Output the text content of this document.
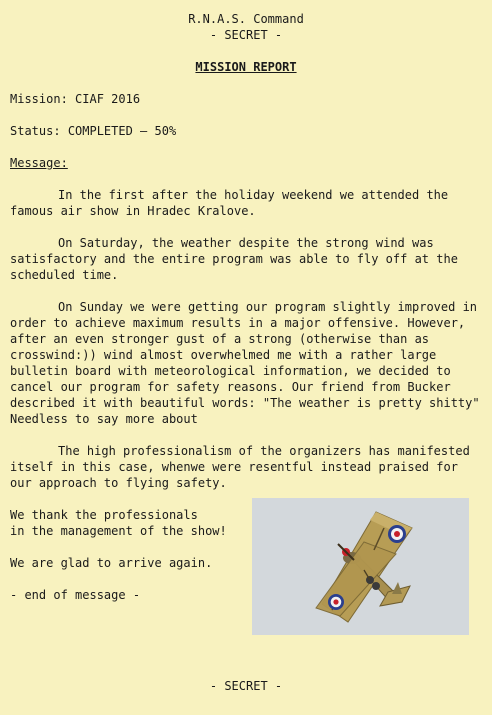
R.N.A.S. Command
- SECRET -
MISSION REPORT
Mission: CIAF 2016
Status: COMPLETED – 50%
Message:

In the first after the holiday weekend we attended the famous air show in Hradec Kralove.

On Saturday, the weather despite the strong wind was satisfactory and the entire program was able to fly off at the scheduled time.

On Sunday we were getting our program slightly improved in order to achieve maximum results in a major offensive. However, after an even stronger gust of a strong (otherwise than as crosswind:)) wind almost overwhelmed me with a rather large bulletin board with meteorological information, we decided to cancel our program for safety reasons. Our friend from Bucker described it with beautiful words: "The weather is pretty shitty"
Needless to say more about

The high professionalism of the organizers has manifested itself in this case, whenwe were resentful instead praised for our approach to flying safety.

We thank the professionals

in the management of the show!

We are glad to arrive again.

- end of message -

- SECRET -
